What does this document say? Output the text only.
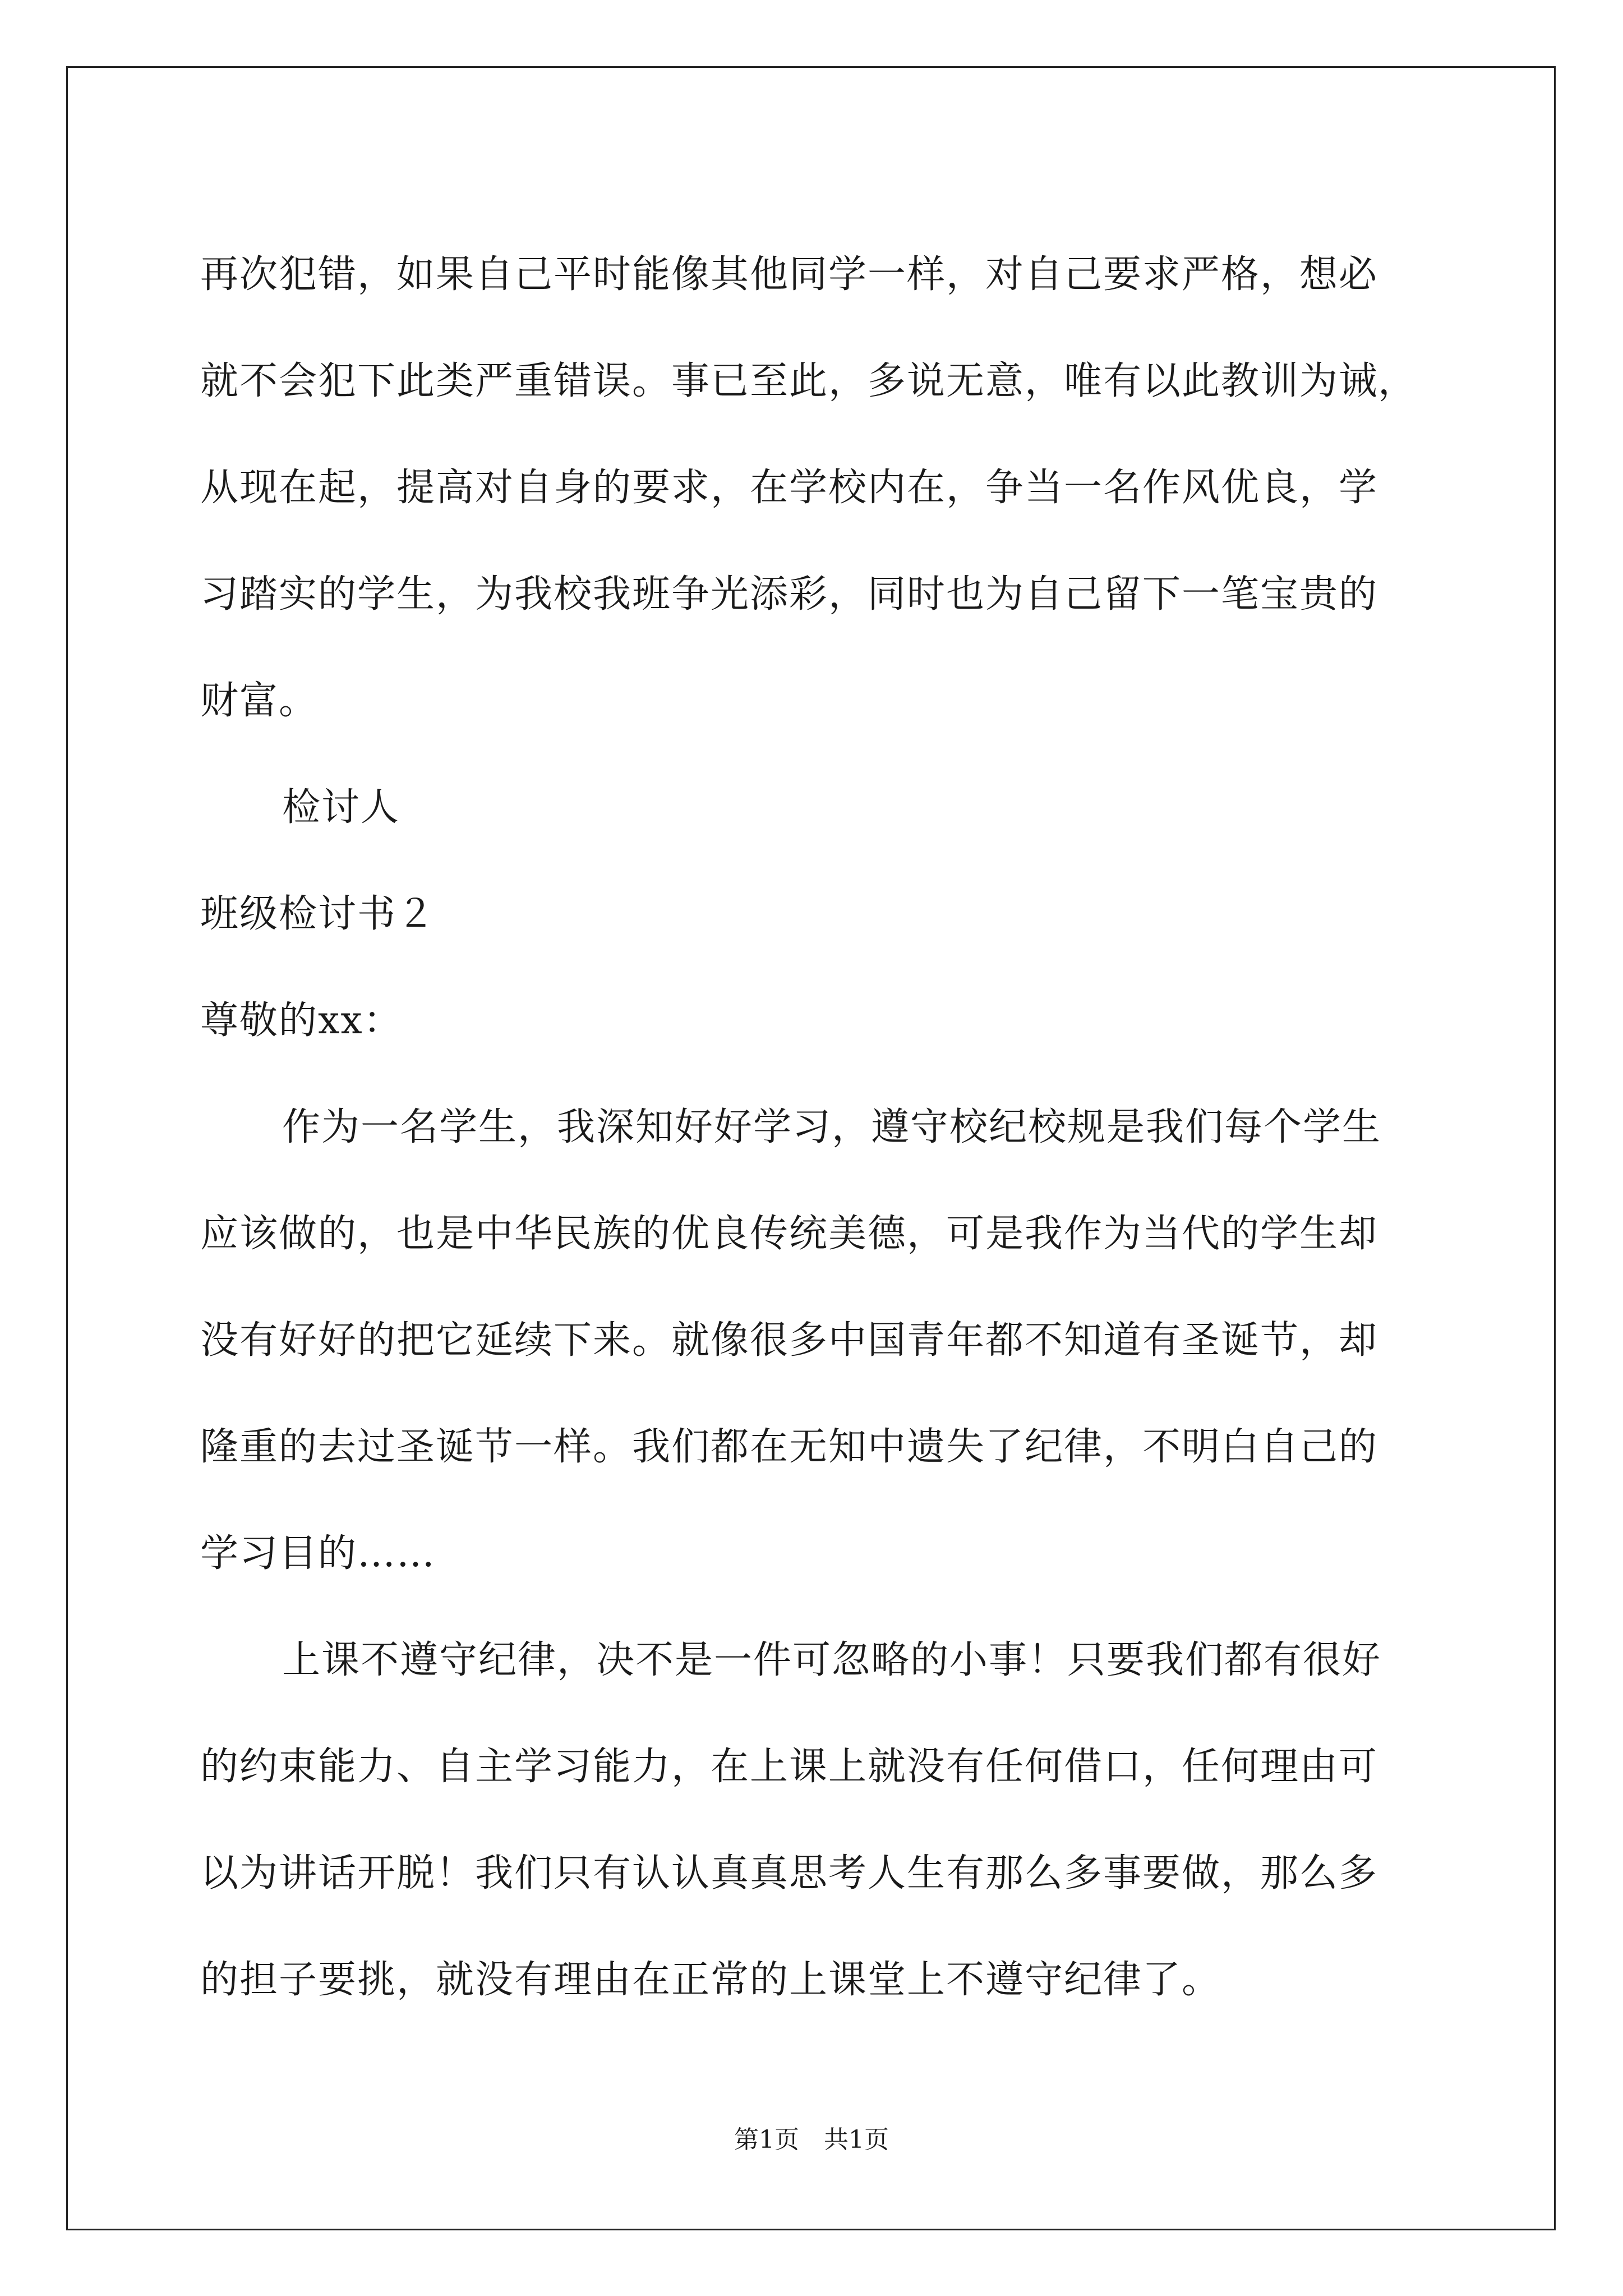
再次犯错，如果自己平时能像其他同学一样，对自己要求严格，想必
就不会犯下此类严重错误。事已至此，多说无意，唯有以此教训为诫，
从现在起，提高对自身的要求，在学校内在，争当一名作风优良，学
习踏实的学生，为我校我班争光添彩，同时也为自己留下一笔宝贵的
财富。
检讨人
班级检讨书２
尊敬的xx：
作为一名学生，我深知好好学习，遵守校纪校规是我们每个学生
应该做的，也是中华民族的优良传统美德，可是我作为当代的学生却
没有好好的把它延续下来。就像很多中国青年都不知道有圣诞节，却
隆重的去过圣诞节一样。我们都在无知中遗失了纪律，不明白自己的
学习目的……
上课不遵守纪律，决不是一件可忽略的小事！只要我们都有很好
的约束能力、自主学习能力，在上课上就没有任何借口，任何理由可
以为讲话开脱！我们只有认认真真思考人生有那么多事要做，那么多
的担子要挑，就没有理由在正常的上课堂上不遵守纪律了。
第1页　共1页
